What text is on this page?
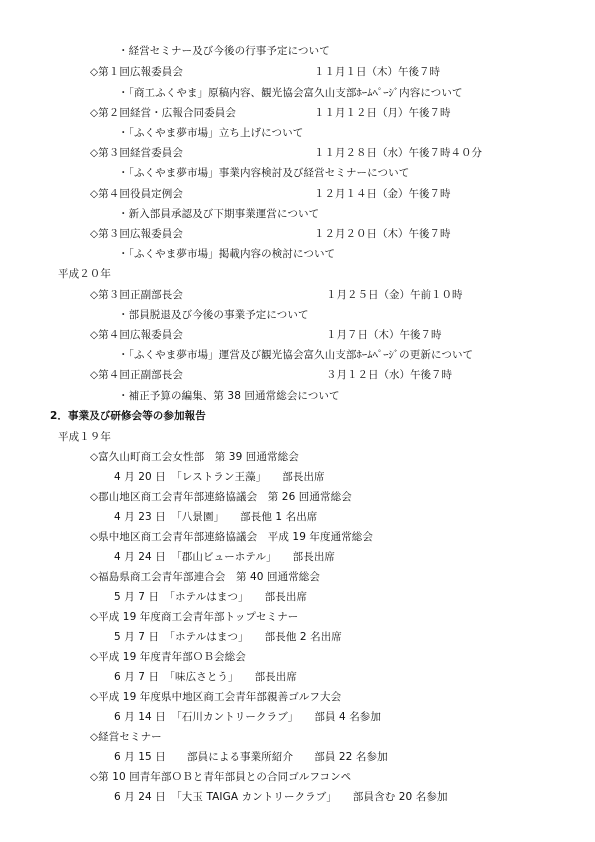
・経営セミナー及び今後の行事予定について
◇第１回広報委員会	１１月１日（木）午後７時
・「商工ふくやま」原稿内容、観光協会富久山支部ﾎｰﾑﾍﾟｰｼﾞ内容について
◇第２回経営・広報合同委員会	１１月１２日（月）午後７時
・「ふくやま夢市場」立ち上げについて
◇第３回経営委員会	１１月２８日（水）午後７時４０分
・「ふくやま夢市場」事業内容検討及び経営セミナーについて
◇第４回役員定例会	１２月１４日（金）午後７時
・新入部員承認及び下期事業運営について
◇第３回広報委員会	１２月２０日（木）午後７時
・「ふくやま夢市場」掲載内容の検討について
平成２０年
◇第３回正副部長会	１月２５日（金）午前１０時
・部員脱退及び今後の事業予定について
◇第４回広報委員会	１月７日（木）午後７時
・「ふくやま夢市場」運営及び観光協会富久山支部ﾎｰﾑﾍﾟｰｼﾞの更新について
◇第４回正副部長会	３月１２日（水）午後７時
・補正予算の編集、第 38 回通常総会について
2．事業及び研修会等の参加報告
平成１９年
◇富久山町商工会女性部　第 39 回通常総会
4 月 20 日　「レストラン王藻」　　部長出席
◇郡山地区商工会青年部連絡協議会　第 26 回通常総会
4 月 23 日　「八景園」　　部長他 1 名出席
◇県中地区商工会青年部連絡協議会　平成 19 年度通常総会
4 月 24 日　「郡山ビューホテル」　　部長出席
◇福島県商工会青年部連合会　第 40 回通常総会
5 月 7 日　「ホテルはまつ」　　部長出席
◇平成 19 年度商工会青年部トップセミナー
5 月 7 日　「ホテルはまつ」　　部長他 2 名出席
◇平成 19 年度青年部ＯＢ会総会
6 月 7 日　「味広さとう」　　部長出席
◇平成 19 年度県中地区商工会青年部親善ゴルフ大会
6 月 14 日　「石川カントリークラブ」　　部員 4 名参加
◇経営セミナー
6 月 15 日　　部員による事業所紹介　　部員 22 名参加
◇第 10 回青年部ＯＢと青年部員との合同ゴルフコンペ
6 月 24 日　「大玉 TAIGA カントリークラブ」　　部員含む 20 名参加
